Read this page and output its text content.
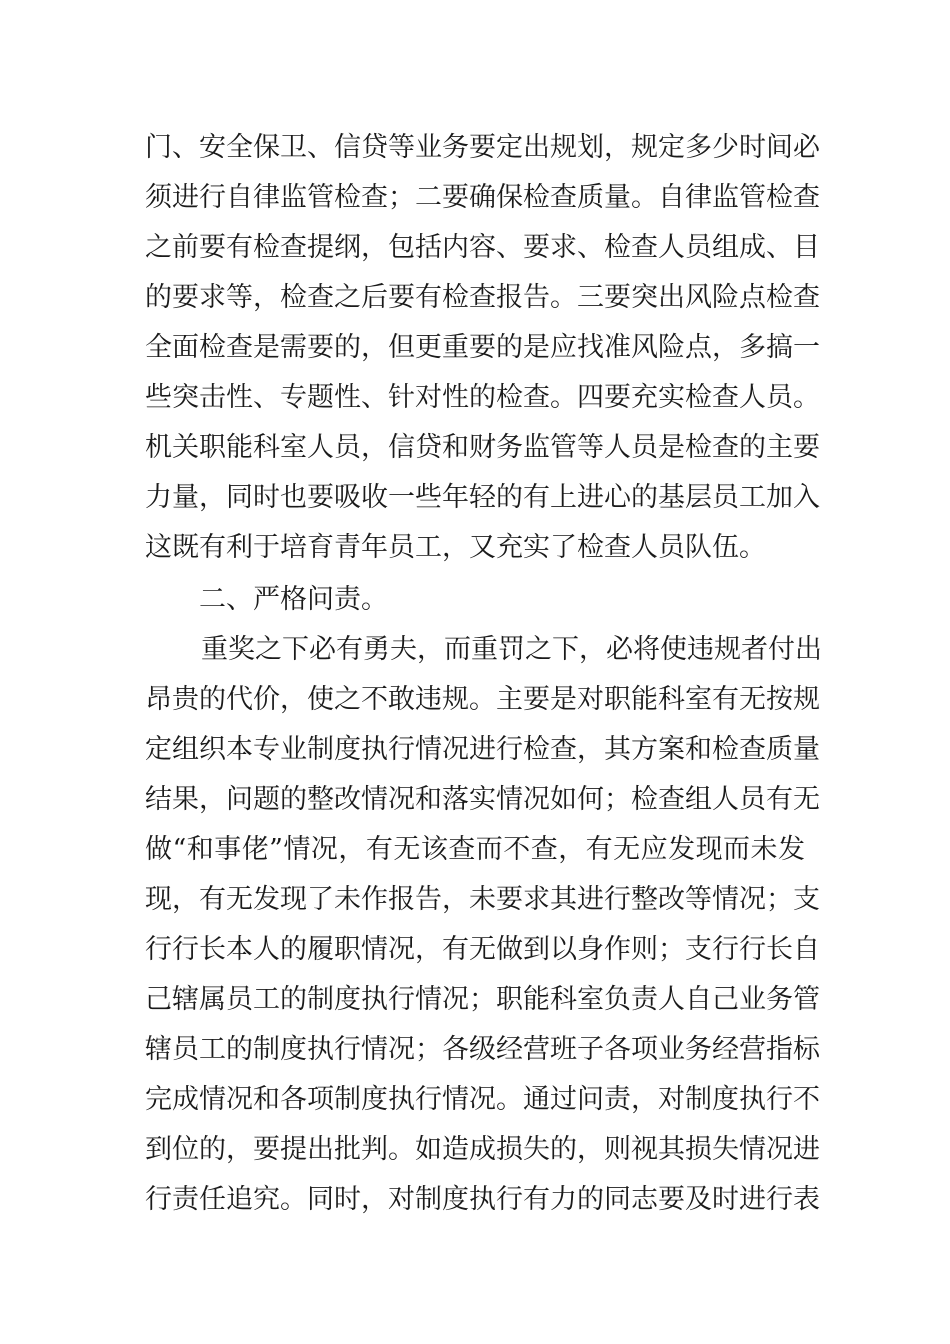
门、安全保卫、信贷等业务要定出规划，规定多少时间必
须进行自律监管检查；二要确保检查质量。自律监管检查
之前要有检查提纲，包括内容、要求、检查人员组成、目
的要求等，检查之后要有检查报告。三要突出风险点检查
全面检查是需要的，但更重要的是应找准风险点，多搞一
些突击性、专题性、针对性的检查。四要充实检查人员。
机关职能科室人员，信贷和财务监管等人员是检查的主要
力量，同时也要吸收一些年轻的有上进心的基层员工加入
这既有利于培育青年员工，又充实了检查人员队伍。
二、严格问责。
重奖之下必有勇夫，而重罚之下，必将使违规者付出
昂贵的代价，使之不敢违规。主要是对职能科室有无按规
定组织本专业制度执行情况进行检查，其方案和检查质量
结果，问题的整改情况和落实情况如何；检查组人员有无
做“和事佬”情况，有无该查而不查，有无应发现而未发
现，有无发现了未作报告，未要求其进行整改等情况；支
行行长本人的履职情况，有无做到以身作则；支行行长自
己辖属员工的制度执行情况；职能科室负责人自己业务管
辖员工的制度执行情况；各级经营班子各项业务经营指标
完成情况和各项制度执行情况。通过问责，对制度执行不
到位的，要提出批判。如造成损失的，则视其损失情况进
行责任追究。同时，对制度执行有力的同志要及时进行表
